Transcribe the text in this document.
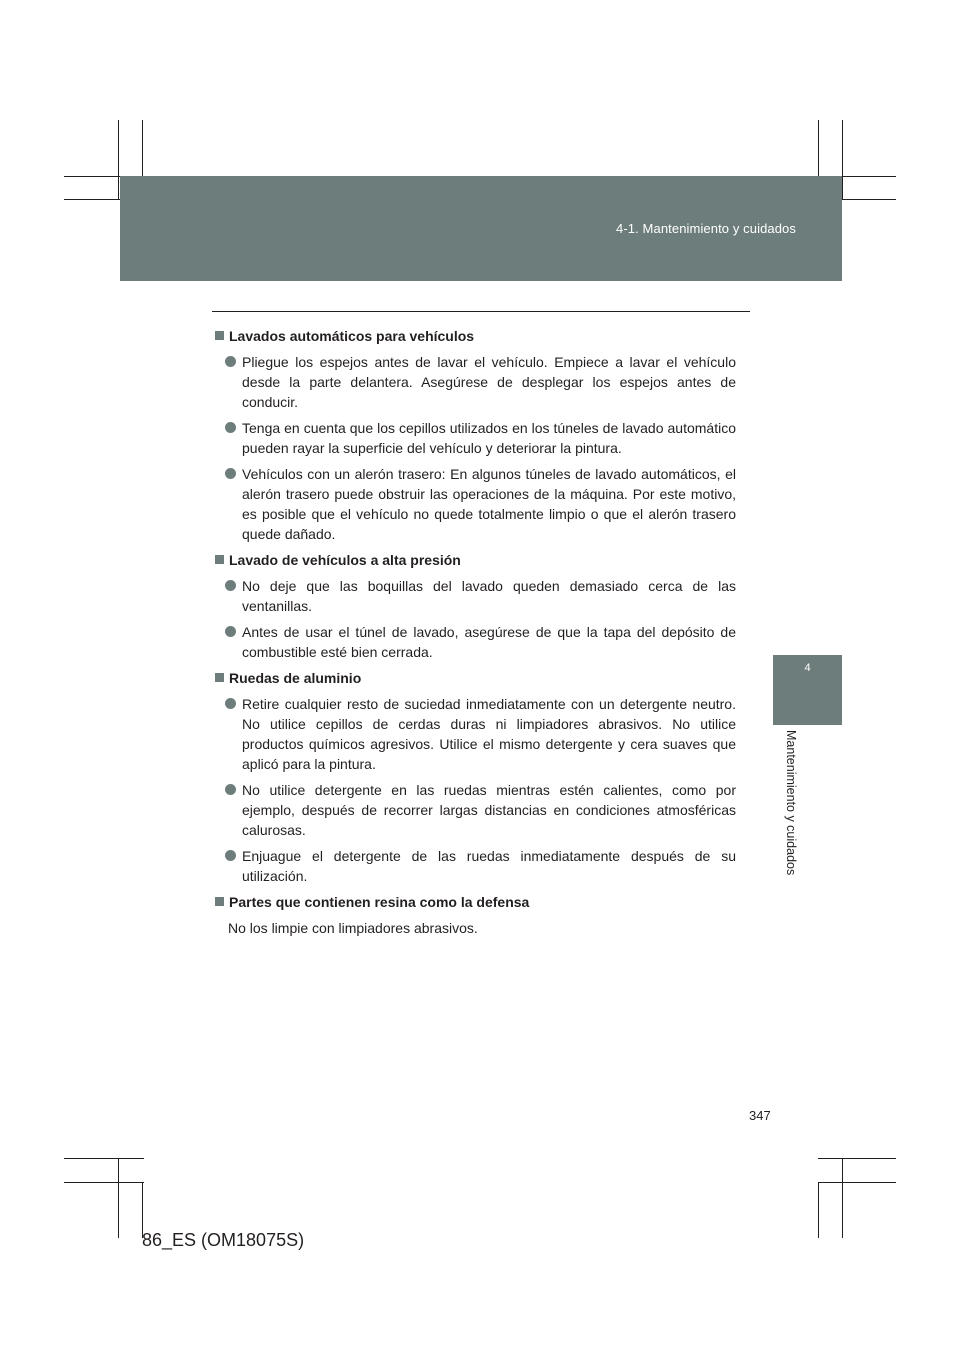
4-1. Mantenimiento y cuidados
4
Mantenimiento y cuidados
Lavados automáticos para vehículos
Pliegue los espejos antes de lavar el vehículo. Empiece a lavar el vehículo desde la parte delantera. Asegúrese de desplegar los espejos antes de conducir.
Tenga en cuenta que los cepillos utilizados en los túneles de lavado automático pueden rayar la superficie del vehículo y deteriorar la pintura.
Vehículos con un alerón trasero: En algunos túneles de lavado automáticos, el alerón trasero puede obstruir las operaciones de la máquina. Por este motivo, es posible que el vehículo no quede totalmente limpio o que el alerón trasero quede dañado.
Lavado de vehículos a alta presión
No deje que las boquillas del lavado queden demasiado cerca de las ventanillas.
Antes de usar el túnel de lavado, asegúrese de que la tapa del depósito de combustible esté bien cerrada.
Ruedas de aluminio
Retire cualquier resto de suciedad inmediatamente con un detergente neutro. No utilice cepillos de cerdas duras ni limpiadores abrasivos. No utilice productos químicos agresivos. Utilice el mismo detergente y cera suaves que aplicó para la pintura.
No utilice detergente en las ruedas mientras estén calientes, como por ejemplo, después de recorrer largas distancias en condiciones atmosféricas calurosas.
Enjuague el detergente de las ruedas inmediatamente después de su utilización.
Partes que contienen resina como la defensa
No los limpie con limpiadores abrasivos.
347
86_ES (OM18075S)
